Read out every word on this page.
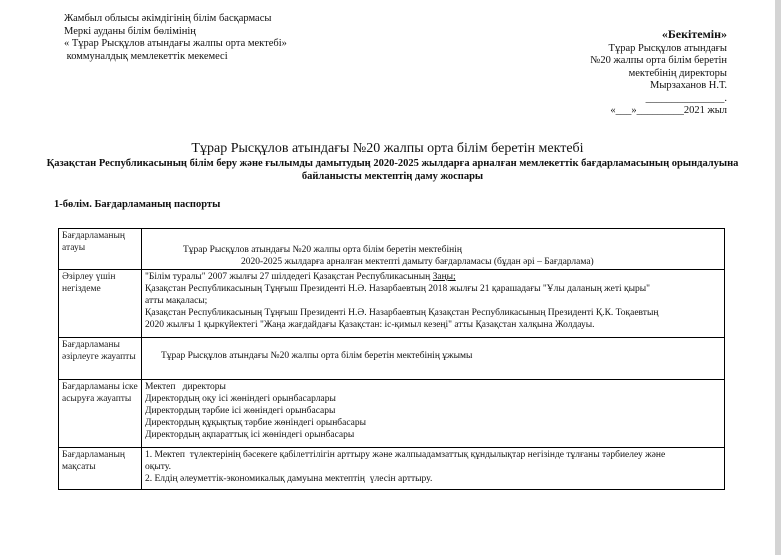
Жамбыл облысы әкімдігінің білім басқармасы
Меркі ауданы білім бөлімінің
« Тұрар Рысқұлов атындағы жалпы орта мектебі»
коммуналдық мемлекеттік мекемесі
«Бекітемін»
Тұрар Рысқұлов атындағы
№20 жалпы орта білім беретін
мектебінің директоры
Мырзаханов Н.Т.
_______________.
«___»_________2021 жыл
Тұрар Рысқұлов атындағы №20 жалпы орта білім беретін мектебі
Қазақстан Республикасының білім беру және ғылымды дамытудың 2020-2025 жылдарға арналған мемлекеттік бағдарламасының орындалуына байланысты мектептің даму жоспары
1-бөлім. Бағдарламаның паспорты
Бағдарламаның атауы	Тұрар Рысқұлов атындағы №20 жалпы орта білім беретін мектебінің
2020-2025 жылдарға арналған мектепті дамыту бағдарламасы (бұдан әрі – Бағдарлама)

Әзірлеу үшін негіздеме	"Білім туралы" 2007 жылғы 27 шілдедегі Қазақстан Республикасының Заңы;
Қазақстан Республикасының Тұңғыш Президенті Н.Ә. Назарбаевтың 2018 жылғы 21 қарашадағы "Ұлы даланың жеті қыры"
атты мақаласы;
Қазақстан Республикасының Тұңғыш Президенті Н.Ә. Назарбаевтың Қазақстан Республикасының Президенті Қ.К. Тоқаевтың
2020 жылғы 1 қыркүйектегі "Жаңа жағдайдағы Қазақстан: іс-қимыл кезеңі" атты Қазақстан халқына Жолдауы.

Бағдарламаны әзірлеуге жауапты	Тұрар Рысқұлов атындағы №20 жалпы орта білім беретін мектебінің ұжымы

Бағдарламаны іске асыруға жауапты	Мектеп   директоры
Директордың оқу ісі жөніндегі орынбасарлары
Директордың тәрбие ісі жөніндегі орынбасары
Директордың құқықтық тәрбие жөніндегі орынбасары
Директордың ақпараттық ісі жөніндегі орынбасары

Бағдарламаның мақсаты	1. Мектеп  түлектерінің бәсекеге қабілеттілігін арттыру және жалпыадамзаттық құндылықтар негізінде тұлғаны тәрбиелеу және
оқыту.
2. Елдің әлеуметтік-экономикалық дамуына мектептің  үлесін арттыру.
